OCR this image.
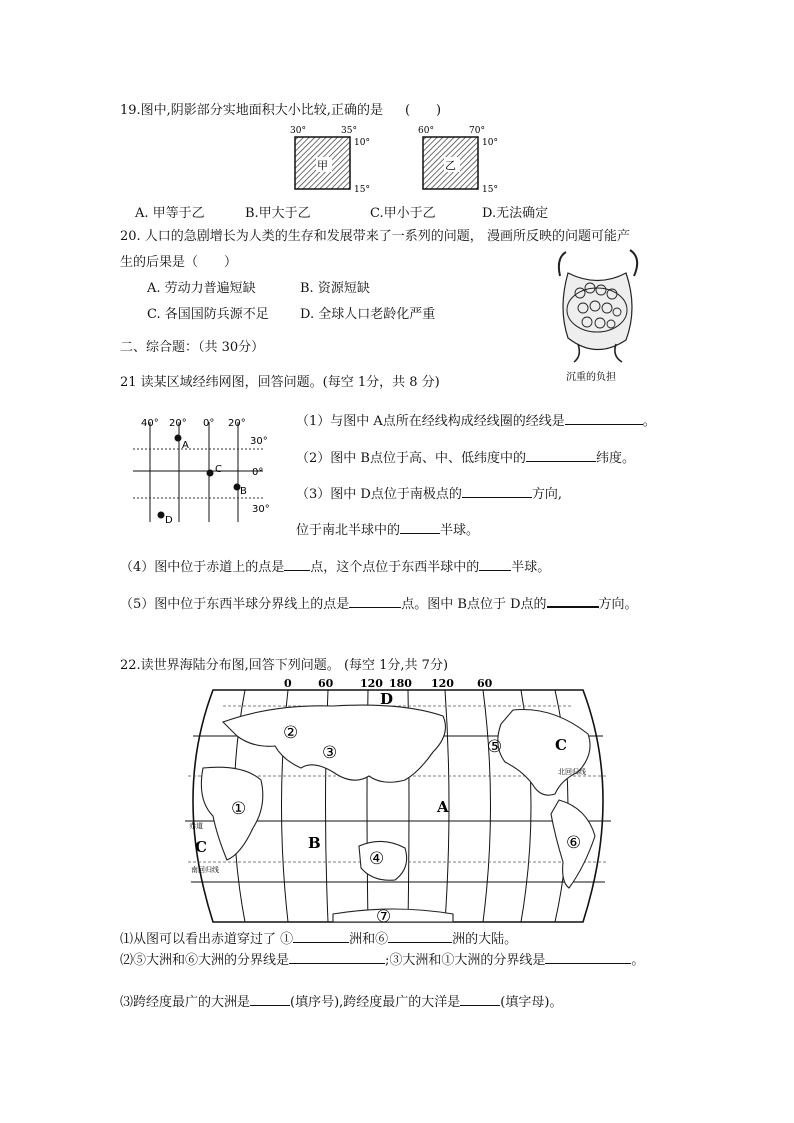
19.图中,阴影部分实地面积大小比较,正确的是 (　　)
30°	35°
10°
15°
甲
60°	70°
10°
15°
乙
A. 甲等于乙	B.甲大于乙	C.甲小于乙	D.无法确定
20. 人口的急剧增长为人类的生存和发展带来了一系列的问题， 漫画所反映的问题可能产
生的后果是（　　）
A. 劳动力普遍短缺	B. 资源短缺
C. 各国国防兵源不足 D. 全球人口老龄化严重
沉重的负担
二、综合题：（共 30分）
21 读某区域经纬网图，回答问题。(每空 1分，共 8 分)
40° 20° 0° 20°
30°
0°
30°
A
C
B
D
（1）与图中 A点所在经线构成经线圈的经线是	。
（2）图中 B点位于高、中、低纬度中的	纬度。
（3）图中 D点位于南极点的	方向,
位于南北半球中的	半球。
（4）图中位于赤道上的点是 点，这个点位于东西半球中的 半球。
（5）图中位于东西半球分界线上的点是	点。图中 B点位于 D点的	方向。
22.读世界海陆分布图,回答下列问题。 (每空 1分,共 7分)
0 60 120 180 120 60
D
C
A
B
C
①
②
③
④
⑤
⑥
⑦
赤道
北回归线
南回归线
⑴从图可以看出赤道穿过了 ①	洲和⑥	洲的大陆。
⑵⑤大洲和⑥大洲的分界线是	;③大洲和①大洲的分界线是	。
⑶跨经度最广的大洲是	(填序号),跨经度最广的大洋是	(填字母)。
